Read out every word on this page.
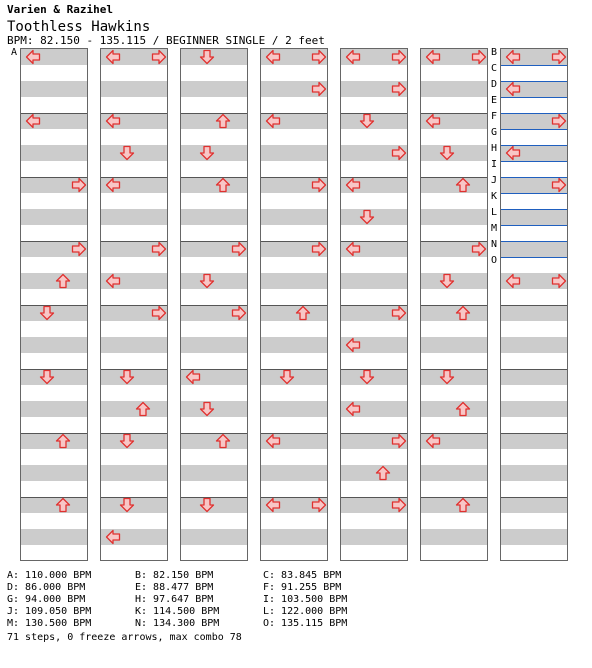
Varien & Razihel
Toothless Hawkins
BPM: 82.150 - 135.115 / BEGINNER SINGLE / 2 feet
A	B
C
D
E
F
G
H
I
J
K
L
M
N
O
A: 110.000 BPM	B: 82.150 BPM	C: 83.845 BPM
D: 86.000 BPM	E: 88.477 BPM	F: 91.255 BPM
G: 94.000 BPM	H: 97.647 BPM	I: 103.500 BPM
J: 109.050 BPM	K: 114.500 BPM	L: 122.000 BPM
M: 130.500 BPM	N: 134.300 BPM	O: 135.115 BPM
71 steps, 0 freeze arrows, max combo 78
